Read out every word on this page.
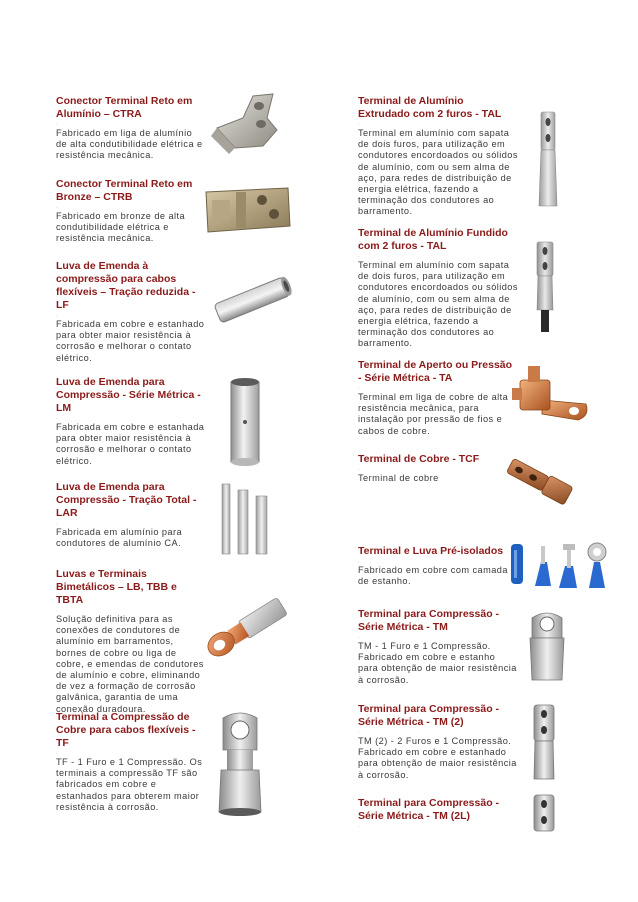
Conector Terminal Reto em Alumínio – CTRA

.

Fabricado em liga de alumínio de alta condutibilidade elétrica e resistência mecânica.

Conector Terminal Reto em Bronze – CTRB

.

Fabricado em bronze de alta condutibilidade elétrica e resistência mecânica.

Luva de Emenda à compressão para cabos flexíveis – Tração reduzida - LF

.

Fabricada em cobre e estanhado para obter maior resistência à corrosão e melhorar o contato elétrico.

Luva de Emenda para Compressão - Série Métrica - LM

.

Fabricada em cobre e estanhada para obter maior resistência à corrosão e melhorar o contato elétrico.

Luva de Emenda para Compressão - Tração Total - LAR

.

Fabricada em alumínio para condutores de alumínio CA.

Luvas e Terminais Bimetálicos – LB, TBB e TBTA

.

Solução definitiva para as conexões de condutores de alumínio em barramentos, bornes de cobre ou liga de cobre, e emendas de condutores de alumínio e cobre, eliminando de vez a formação de corrosão galvânica, garantia de uma conexão duradoura.

Terminal a Compressão de Cobre para cabos flexíveis - TF

.

TF - 1 Furo e 1 Compressão. Os terminais a compressão TF são fabricados em cobre e estanhados para obterem maior resistência à corrosão.

Terminal de Alumínio Extrudado com 2 furos - TAL

.

Terminal em alumínio com sapata de dois furos, para utilização em condutores encordoados ou sólidos de alumínio, com ou sem alma de aço, para redes de distribuição de energia elétrica, fazendo a terminação dos condutores ao barramento.

Terminal de Alumínio Fundido com 2 furos - TAL

.

Terminal em alumínio com sapata de dois furos, para utilização em condutores encordoados ou sólidos de alumínio, com ou sem alma de aço, para redes de distribuição de energia elétrica, fazendo a terminação dos condutores ao barramento.

Terminal de Aperto ou Pressão - Série Métrica - TA

.

Terminal em liga de cobre de alta resistência mecânica, para instalação por pressão de fios e cabos de cobre.

Terminal de Cobre - TCF

.

Terminal de cobre

Terminal e Luva Pré-isolados

.

Fabricado em cobre com camada de estanho.

Terminal para Compressão - Série Métrica - TM

.

TM - 1 Furo e 1 Compressão. Fabricado em cobre e estanho para obtenção de maior resistência à corrosão.

Terminal para Compressão - Série Métrica - TM (2)

.

TM (2) - 2 Furos e 1 Compressão. Fabricado em cobre e estanhado para obtenção de maior resistência à corrosão.

Terminal para Compressão - Série Métrica - TM (2L)

.
